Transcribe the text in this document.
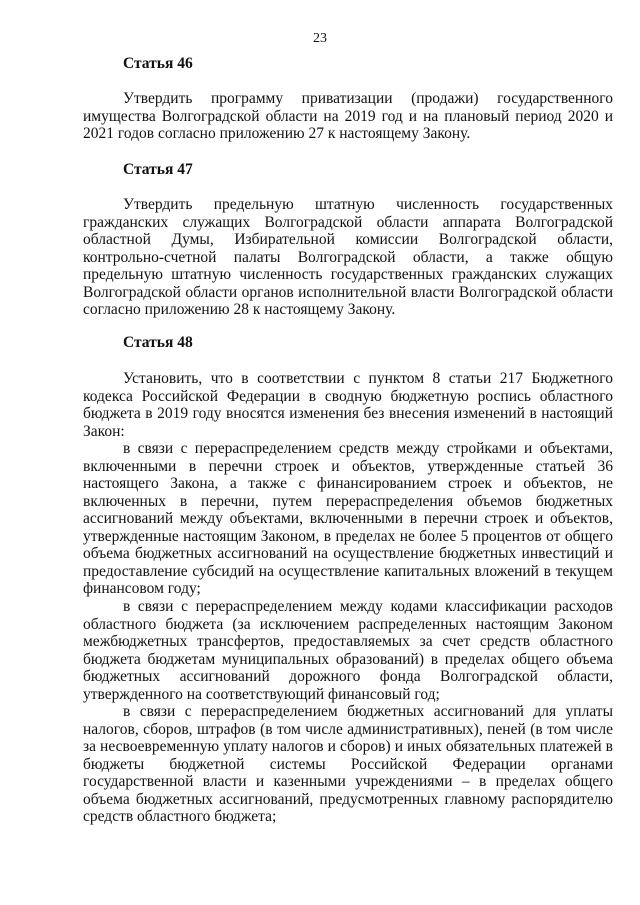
23
Статья 46

Утвердить программу приватизации (продажи) государственного имущества Волгоградской области на 2019 год и на плановый период 2020 и 2021 годов согласно приложению 27 к настоящему Закону.

Статья 47

Утвердить предельную штатную численность государственных гражданских служащих Волгоградской области аппарата Волгоградской областной Думы, Избирательной комиссии Волгоградской области, контрольно-счетной палаты Волгоградской области, а также общую предельную штатную численность государственных гражданских служащих Волгоградской области органов исполнительной власти Волгоградской области согласно приложению 28 к настоящему Закону.

Статья 48

Установить, что в соответствии с пунктом 8 статьи 217 Бюджетного кодекса Российской Федерации в сводную бюджетную роспись областного бюджета в 2019 году вносятся изменения без внесения изменений в настоящий Закон:

в связи с перераспределением средств между стройками и объектами, включенными в перечни строек и объектов, утвержденные статьей 36 настоящего Закона, а также с финансированием строек и объектов, не включенных в перечни, путем перераспределения объемов бюджетных ассигнований между объектами, включенными в перечни строек и объектов, утвержденные настоящим Законом, в пределах не более 5 процентов от общего объема бюджетных ассигнований на осуществление бюджетных инвестиций и предоставление субсидий на осуществление капитальных вложений в текущем финансовом году;

в связи с перераспределением между кодами классификации расходов областного бюджета (за исключением распределенных настоящим Законом межбюджетных трансфертов, предоставляемых за счет средств областного бюджета бюджетам муниципальных образований) в пределах общего объема бюджетных ассигнований дорожного фонда Волгоградской области, утвержденного на соответствующий финансовый год;

в связи с перераспределением бюджетных ассигнований для уплаты налогов, сборов, штрафов (в том числе административных), пеней (в том числе за несвоевременную уплату налогов и сборов) и иных обязательных платежей в бюджеты бюджетной системы Российской Федерации органами государственной власти и казенными учреждениями – в пределах общего объема бюджетных ассигнований, предусмотренных главному распорядителю средств областного бюджета;
